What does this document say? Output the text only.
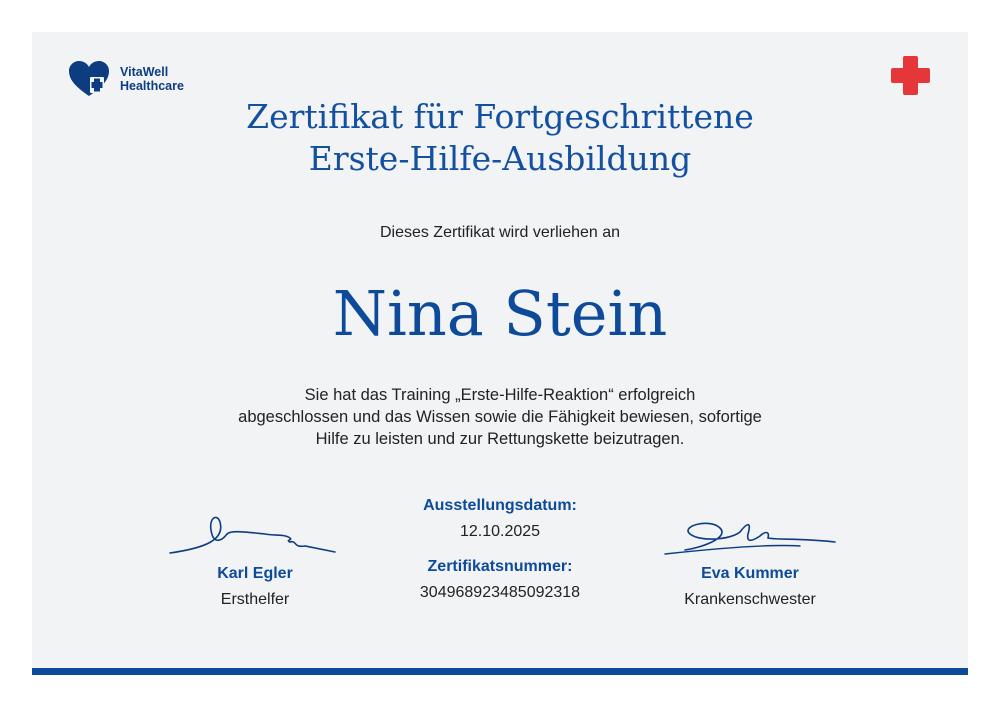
VitaWell
Healthcare
Zertifikat für Fortgeschrittene
Erste-Hilfe-Ausbildung
Dieses Zertifikat wird verliehen an
Nina Stein
Sie hat das Training „Erste-Hilfe-Reaktion“ erfolgreich
abgeschlossen und das Wissen sowie die Fähigkeit bewiesen, sofortige
Hilfe zu leisten und zur Rettungskette beizutragen.
Karl Egler
Ersthelfer
Ausstellungsdatum:
12.10.2025
Zertifikatsnummer:
304968923485092318
Eva Kummer
Krankenschwester
